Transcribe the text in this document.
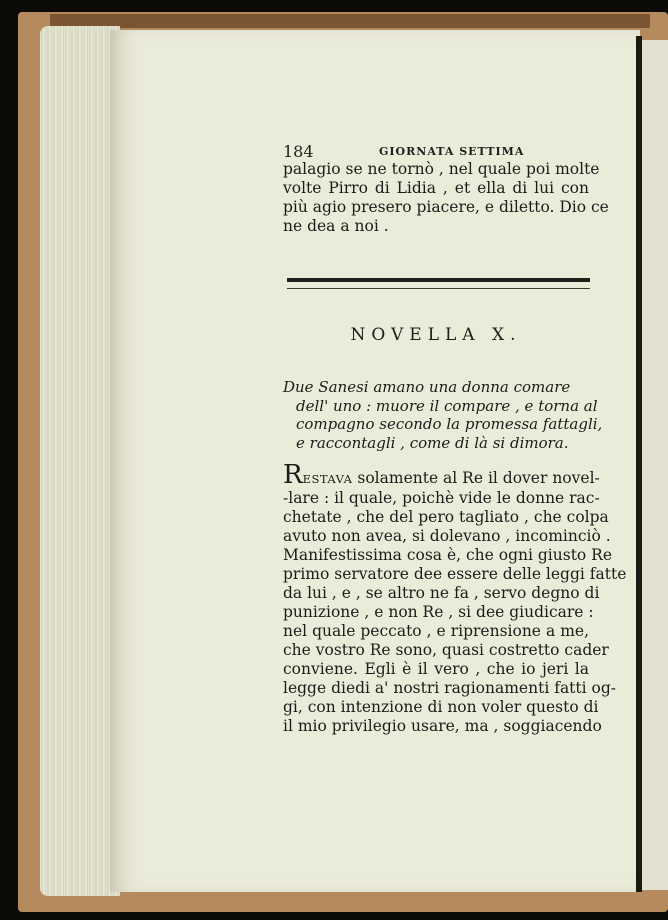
184	GIORNATA SETTIMA
palagio se ne tornò , nel quale poi molte
volte Pirro di Lidia , et ella di lui con
più agio presero piacere, e diletto. Dio ce
ne dea a noi .
NOVELLA X.
Due Sanesi amano una donna comare
dell' uno : muore il compare , e torna al
compagno secondo la promessa fattagli,
e raccontagli , come di là si dimora.
RESTAVA solamente al Re il dover novel-
-lare : il quale, poichè vide le donne rac-
chetate , che del pero tagliato , che colpa
avuto non avea, si dolevano , incominciò .
Manifestissima cosa è, che ogni giusto Re
primo servatore dee essere delle leggi fatte
da lui , e , se altro ne fa , servo degno di
punizione , e non Re , si dee giudicare :
nel quale peccato , e riprensione a me,
che vostro Re sono, quasi costretto cader
conviene. Egli è il vero , che io jeri la
legge diedi a' nostri ragionamenti fatti og-
gi, con intenzione di non voler questo di
il mio privilegio usare, ma , soggiacendo
